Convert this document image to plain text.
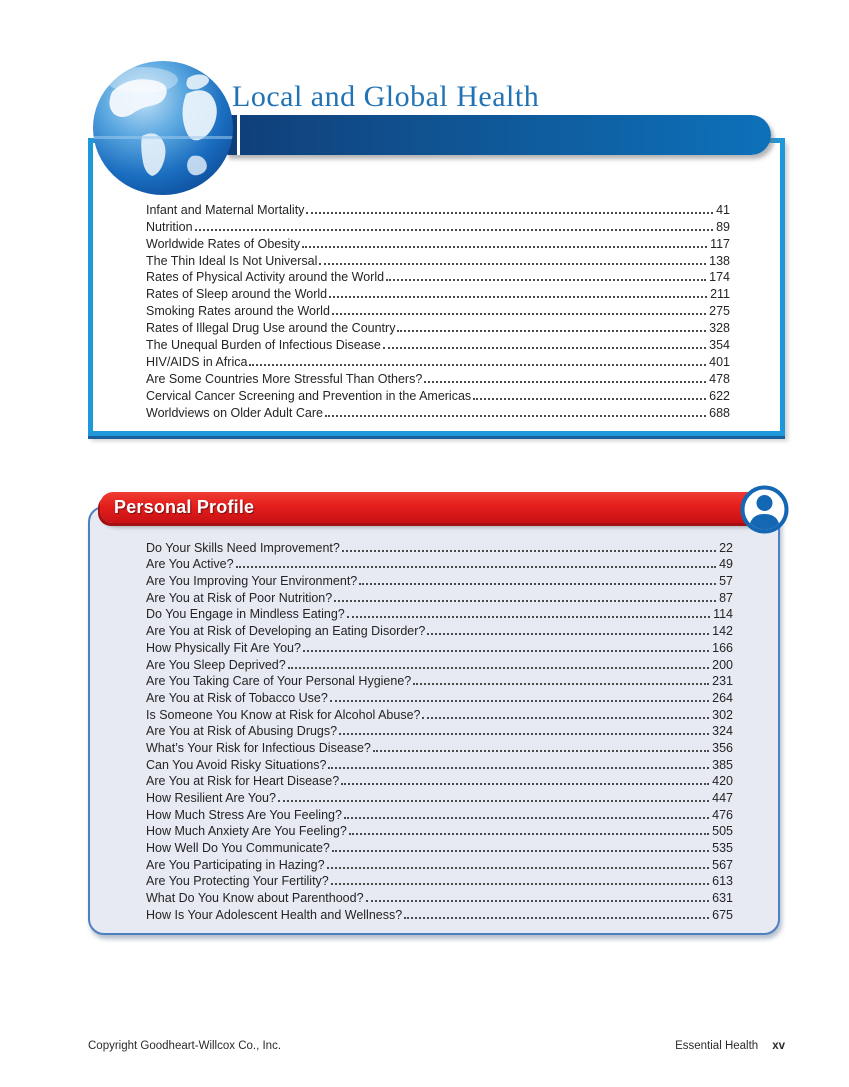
Local and Global Health
Infant and Maternal Mortality	41
Nutrition	89
Worldwide Rates of Obesity	117
The Thin Ideal Is Not Universal	138
Rates of Physical Activity around the World	174
Rates of Sleep around the World	211
Smoking Rates around the World	275
Rates of Illegal Drug Use around the Country	328
The Unequal Burden of Infectious Disease	354
HIV/AIDS in Africa	401
Are Some Countries More Stressful Than Others?	478
Cervical Cancer Screening and Prevention in the Americas	622
Worldviews on Older Adult Care	688
Personal Profile
Do Your Skills Need Improvement?	22
Are You Active?	49
Are You Improving Your Environment?	57
Are You at Risk of Poor Nutrition?	87
Do You Engage in Mindless Eating?	114
Are You at Risk of Developing an Eating Disorder?	142
How Physically Fit Are You?	166
Are You Sleep Deprived?	200
Are You Taking Care of Your Personal Hygiene?	231
Are You at Risk of Tobacco Use?	264
Is Someone You Know at Risk for Alcohol Abuse?	302
Are You at Risk of Abusing Drugs?	324
What’s Your Risk for Infectious Disease?	356
Can You Avoid Risky Situations?	385
Are You at Risk for Heart Disease?	420
How Resilient Are You?	447
How Much Stress Are You Feeling?	476
How Much Anxiety Are You Feeling?	505
How Well Do You Communicate?	535
Are You Participating in Hazing?	567
Are You Protecting Your Fertility?	613
What Do You Know about Parenthood?	631
How Is Your Adolescent Health and Wellness?	675
Copyright Goodheart-Willcox Co., Inc.	Essential Health xv
